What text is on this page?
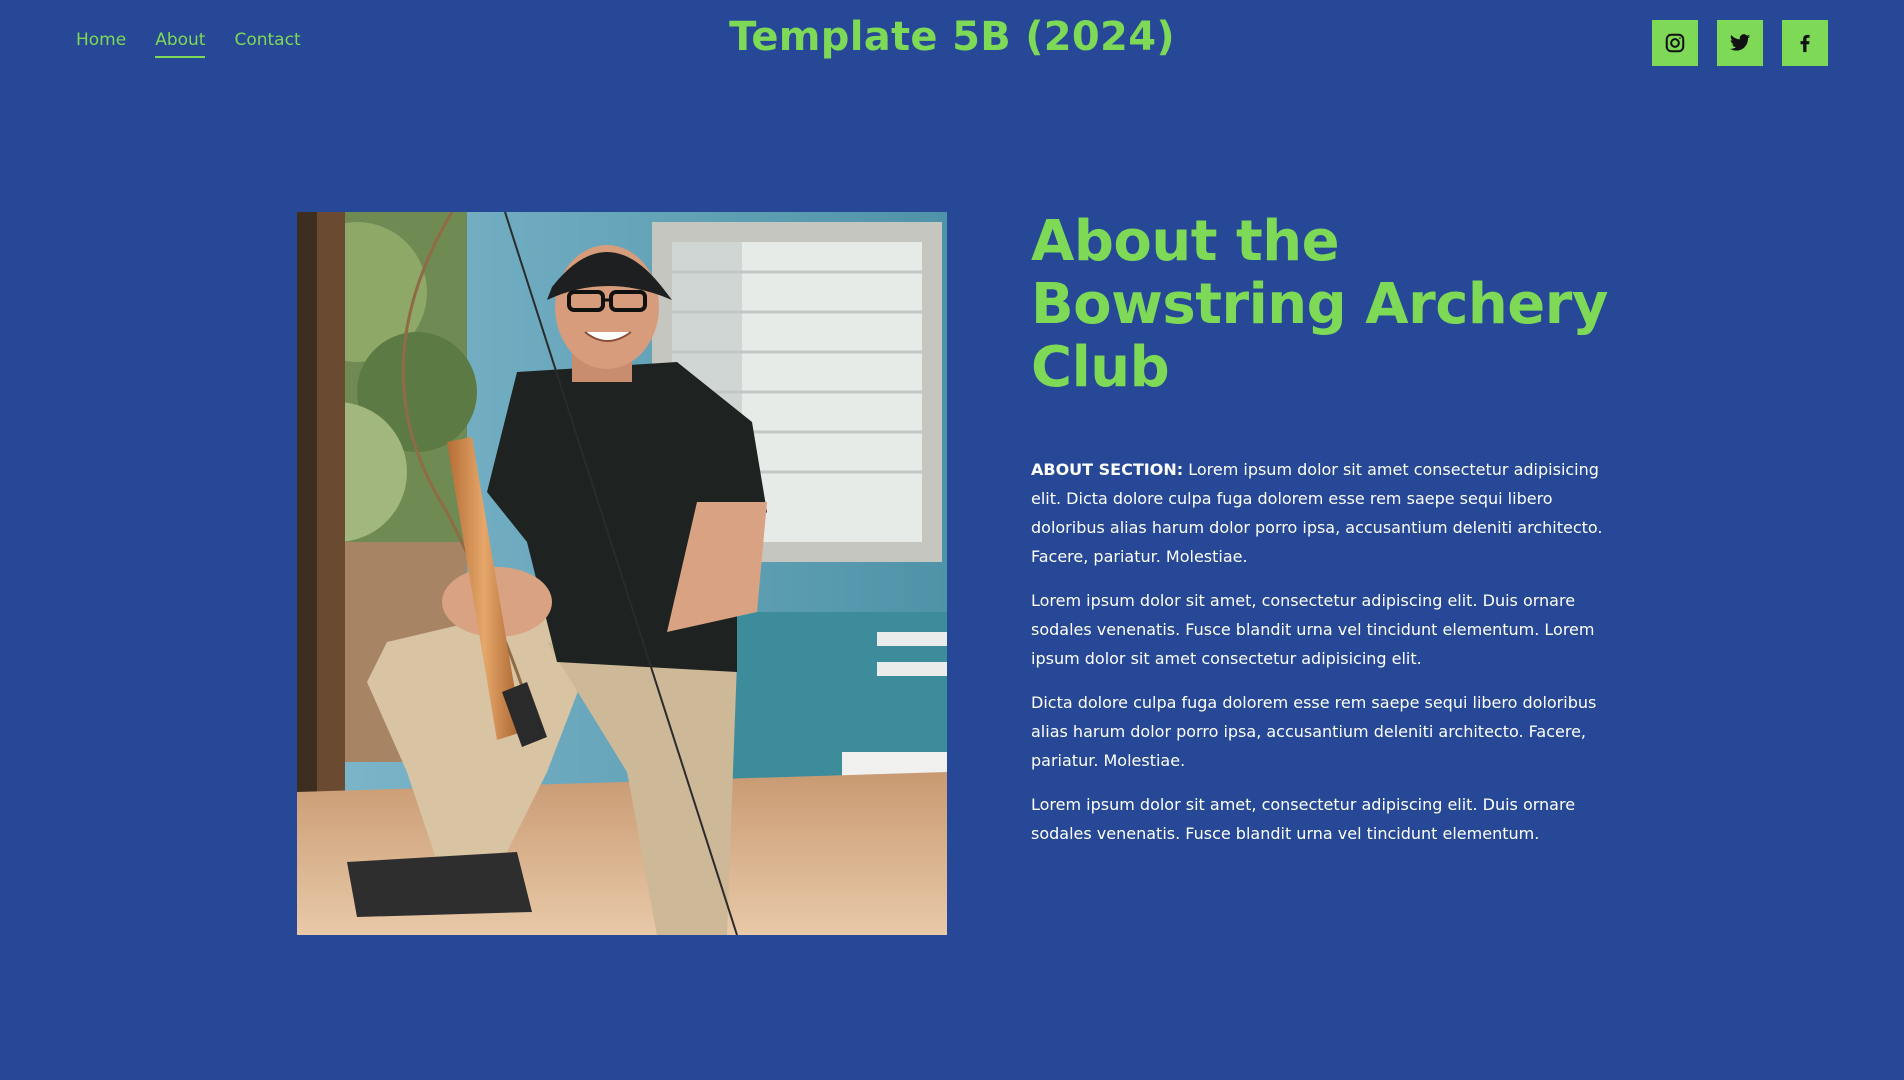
Home About Contact	Template 5B (2024)
About the Bowstring Archery Club

ABOUT SECTION: Lorem ipsum dolor sit amet consectetur adipisicing elit. Dicta dolore culpa fuga dolorem esse rem saepe sequi libero doloribus alias harum dolor porro ipsa, accusantium deleniti architecto. Facere, pariatur. Molestiae.

Lorem ipsum dolor sit amet, consectetur adipiscing elit. Duis ornare sodales venenatis. Fusce blandit urna vel tincidunt elementum. Lorem ipsum dolor sit amet consectetur adipisicing elit.

Dicta dolore culpa fuga dolorem esse rem saepe sequi libero doloribus alias harum dolor porro ipsa, accusantium deleniti architecto. Facere, pariatur. Molestiae.

Lorem ipsum dolor sit amet, consectetur adipiscing elit. Duis ornare sodales venenatis. Fusce blandit urna vel tincidunt elementum.
